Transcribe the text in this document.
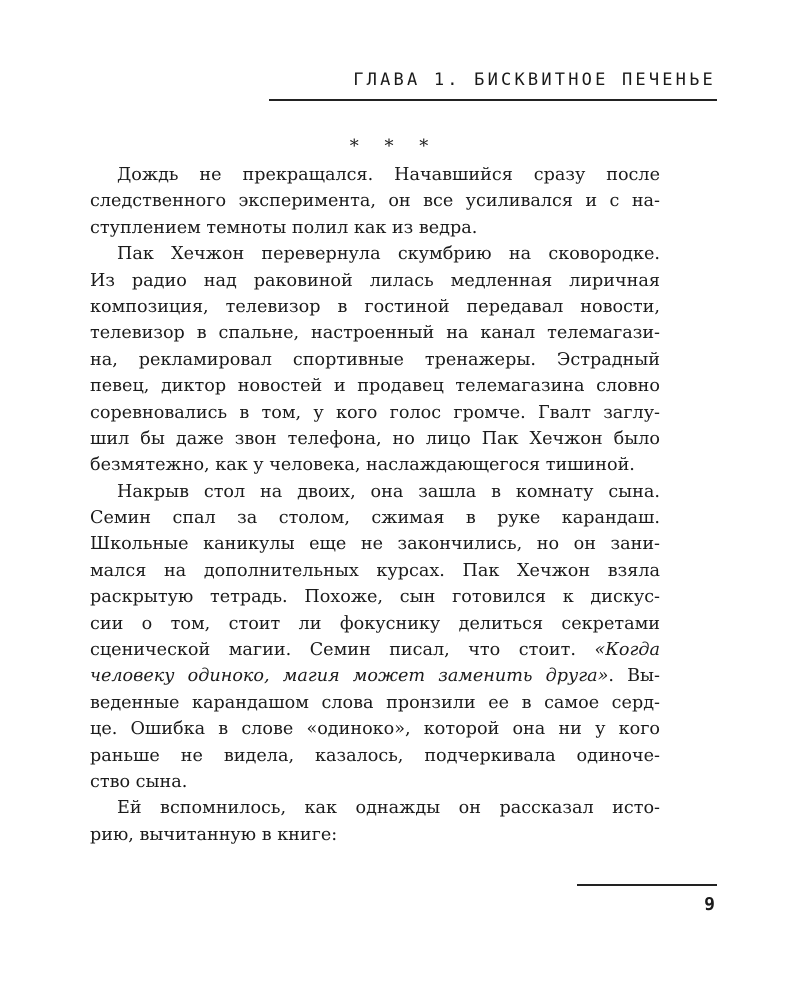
ГЛАВА 1. БИСКВИТНОЕ ПЕЧЕНЬЕ
* * *
Дождь не прекращался. Начавшийся сразу после
следственного эксперимента, он все усиливался и с на-
ступлением темноты полил как из ведра.
Пак Хечжон перевернула скумбрию на сковородке.
Из радио над раковиной лилась медленная лиричная
композиция, телевизор в гостиной передавал новости,
телевизор в спальне, настроенный на канал телемагази-
на, рекламировал спортивные тренажеры. Эстрадный
певец, диктор новостей и продавец телемагазина словно
соревновались в том, у кого голос громче. Гвалт заглу-
шил бы даже звон телефона, но лицо Пак Хечжон было
безмятежно, как у человека, наслаждающегося тишиной.
Накрыв стол на двоих, она зашла в комнату сына.
Семин спал за столом, сжимая в руке карандаш.
Школьные каникулы еще не закончились, но он зани-
мался на дополнительных курсах. Пак Хечжон взяла
раскрытую тетрадь. Похоже, сын готовился к дискус-
сии о том, стоит ли фокуснику делиться секретами
сценической магии. Семин писал, что стоит. «Когда
человеку одиноко, магия может заменить друга». Вы-
веденные карандашом слова пронзили ее в самое серд-
це. Ошибка в слове «одиноко», которой она ни у кого
раньше не видела, казалось, подчеркивала одиноче-
ство сына.
Ей вспомнилось, как однажды он рассказал исто-
рию, вычитанную в книге:
9
